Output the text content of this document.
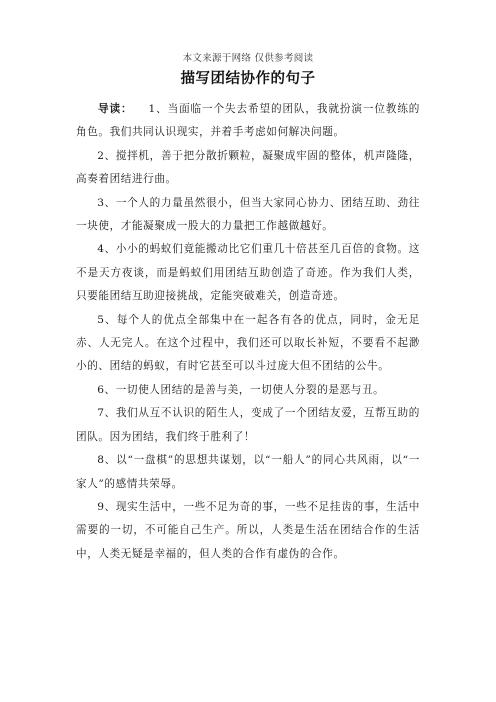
本文来源于网络 仅供参考阅读
描写团结协作的句子

导读： 1、当面临一个失去希望的团队，我就扮演一位教练的角色。我们共同认识现实，并着手考虑如何解决问题。

2、搅拌机，善于把分散折颗粒，凝聚成牢固的整体，机声隆隆，高奏着团结进行曲。

3、一个人的力量虽然很小，但当大家同心协力、团结互助、劲往一块使，才能凝聚成一股大的力量把工作越做越好。

4、小小的蚂蚁们竟能搬动比它们重几十倍甚至几百倍的食物。这不是天方夜谈，而是蚂蚁们用团结互助创造了奇迹。作为我们人类，只要能团结互助迎接挑战，定能突破难关，创造奇迹。

5、每个人的优点全部集中在一起各有各的优点，同时，金无足赤、人无完人。在这个过程中，我们还可以取长补短，不要看不起渺小的、团结的蚂蚁，有时它甚至可以斗过庞大但不团结的公牛。

6、一切使人团结的是善与美，一切使人分裂的是恶与丑。

7、我们从互不认识的陌生人，变成了一个团结友爱，互帮互助的团队。因为团结，我们终于胜利了！

8、以“一盘棋”的思想共谋划，以“一船人”的同心共风雨，以“一家人”的感情共荣辱。

9、现实生活中，一些不足为奇的事，一些不足挂齿的事，生活中需要的一切，不可能自己生产。所以，人类是生活在团结合作的生活中，人类无疑是幸福的，但人类的合作有虚伪的合作。
